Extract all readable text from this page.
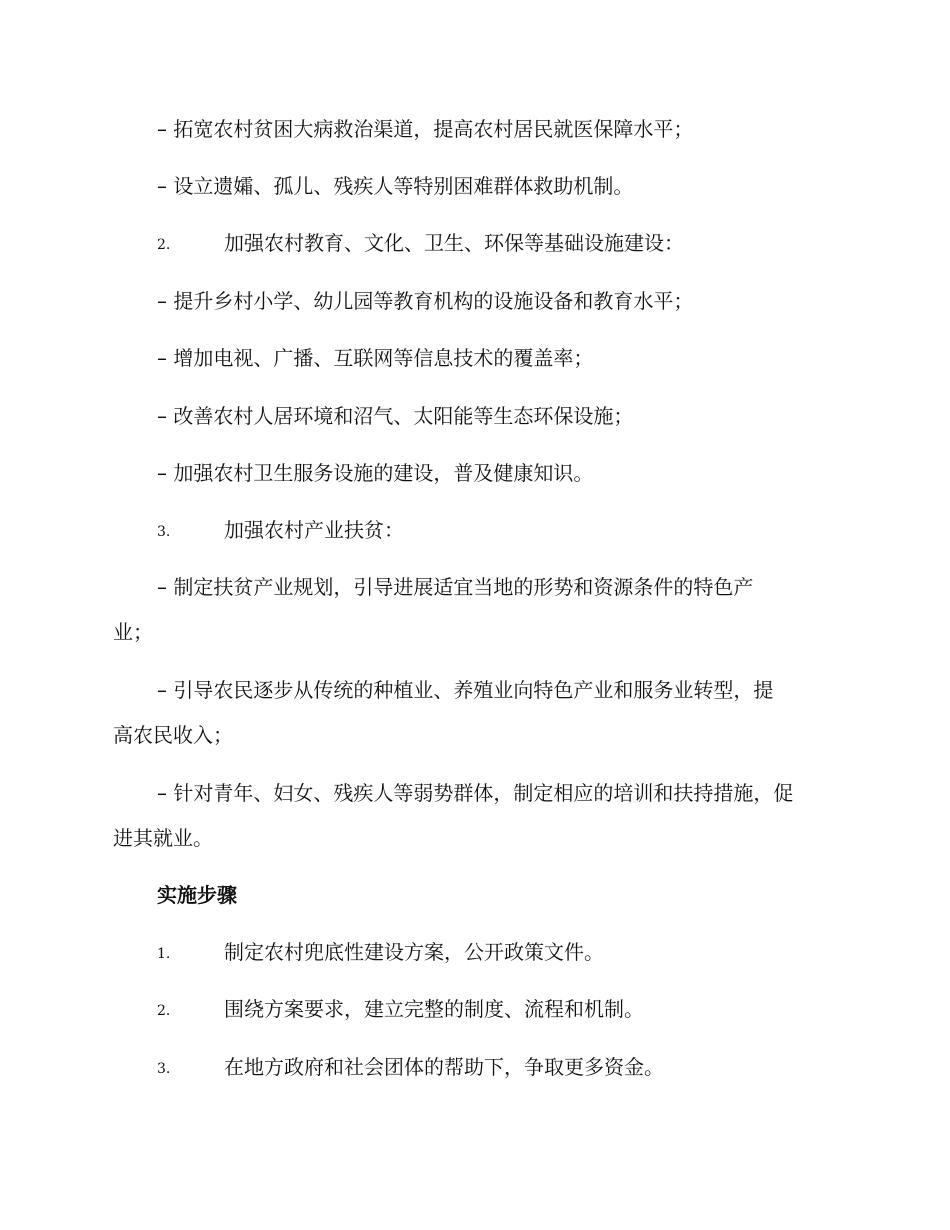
– 拓宽农村贫困大病救治渠道，提高农村居民就医保障水平；
– 设立遗孀、孤儿、残疾人等特别困难群体救助机制。
2.	加强农村教育、文化、卫生、环保等基础设施建设：
– 提升乡村小学、幼儿园等教育机构的设施设备和教育水平；
– 增加电视、广播、互联网等信息技术的覆盖率；
– 改善农村人居环境和沼气、太阳能等生态环保设施；
– 加强农村卫生服务设施的建设，普及健康知识。
3.	加强农村产业扶贫：
– 制定扶贫产业规划，引导进展适宜当地的形势和资源条件的特色产
业；
– 引导农民逐步从传统的种植业、养殖业向特色产业和服务业转型，提
高农民收入；
– 针对青年、妇女、残疾人等弱势群体，制定相应的培训和扶持措施，促
进其就业。
实施步骤
1.	制定农村兜底性建设方案，公开政策文件。
2.	围绕方案要求，建立完整的制度、流程和机制。
3.	在地方政府和社会团体的帮助下，争取更多资金。
